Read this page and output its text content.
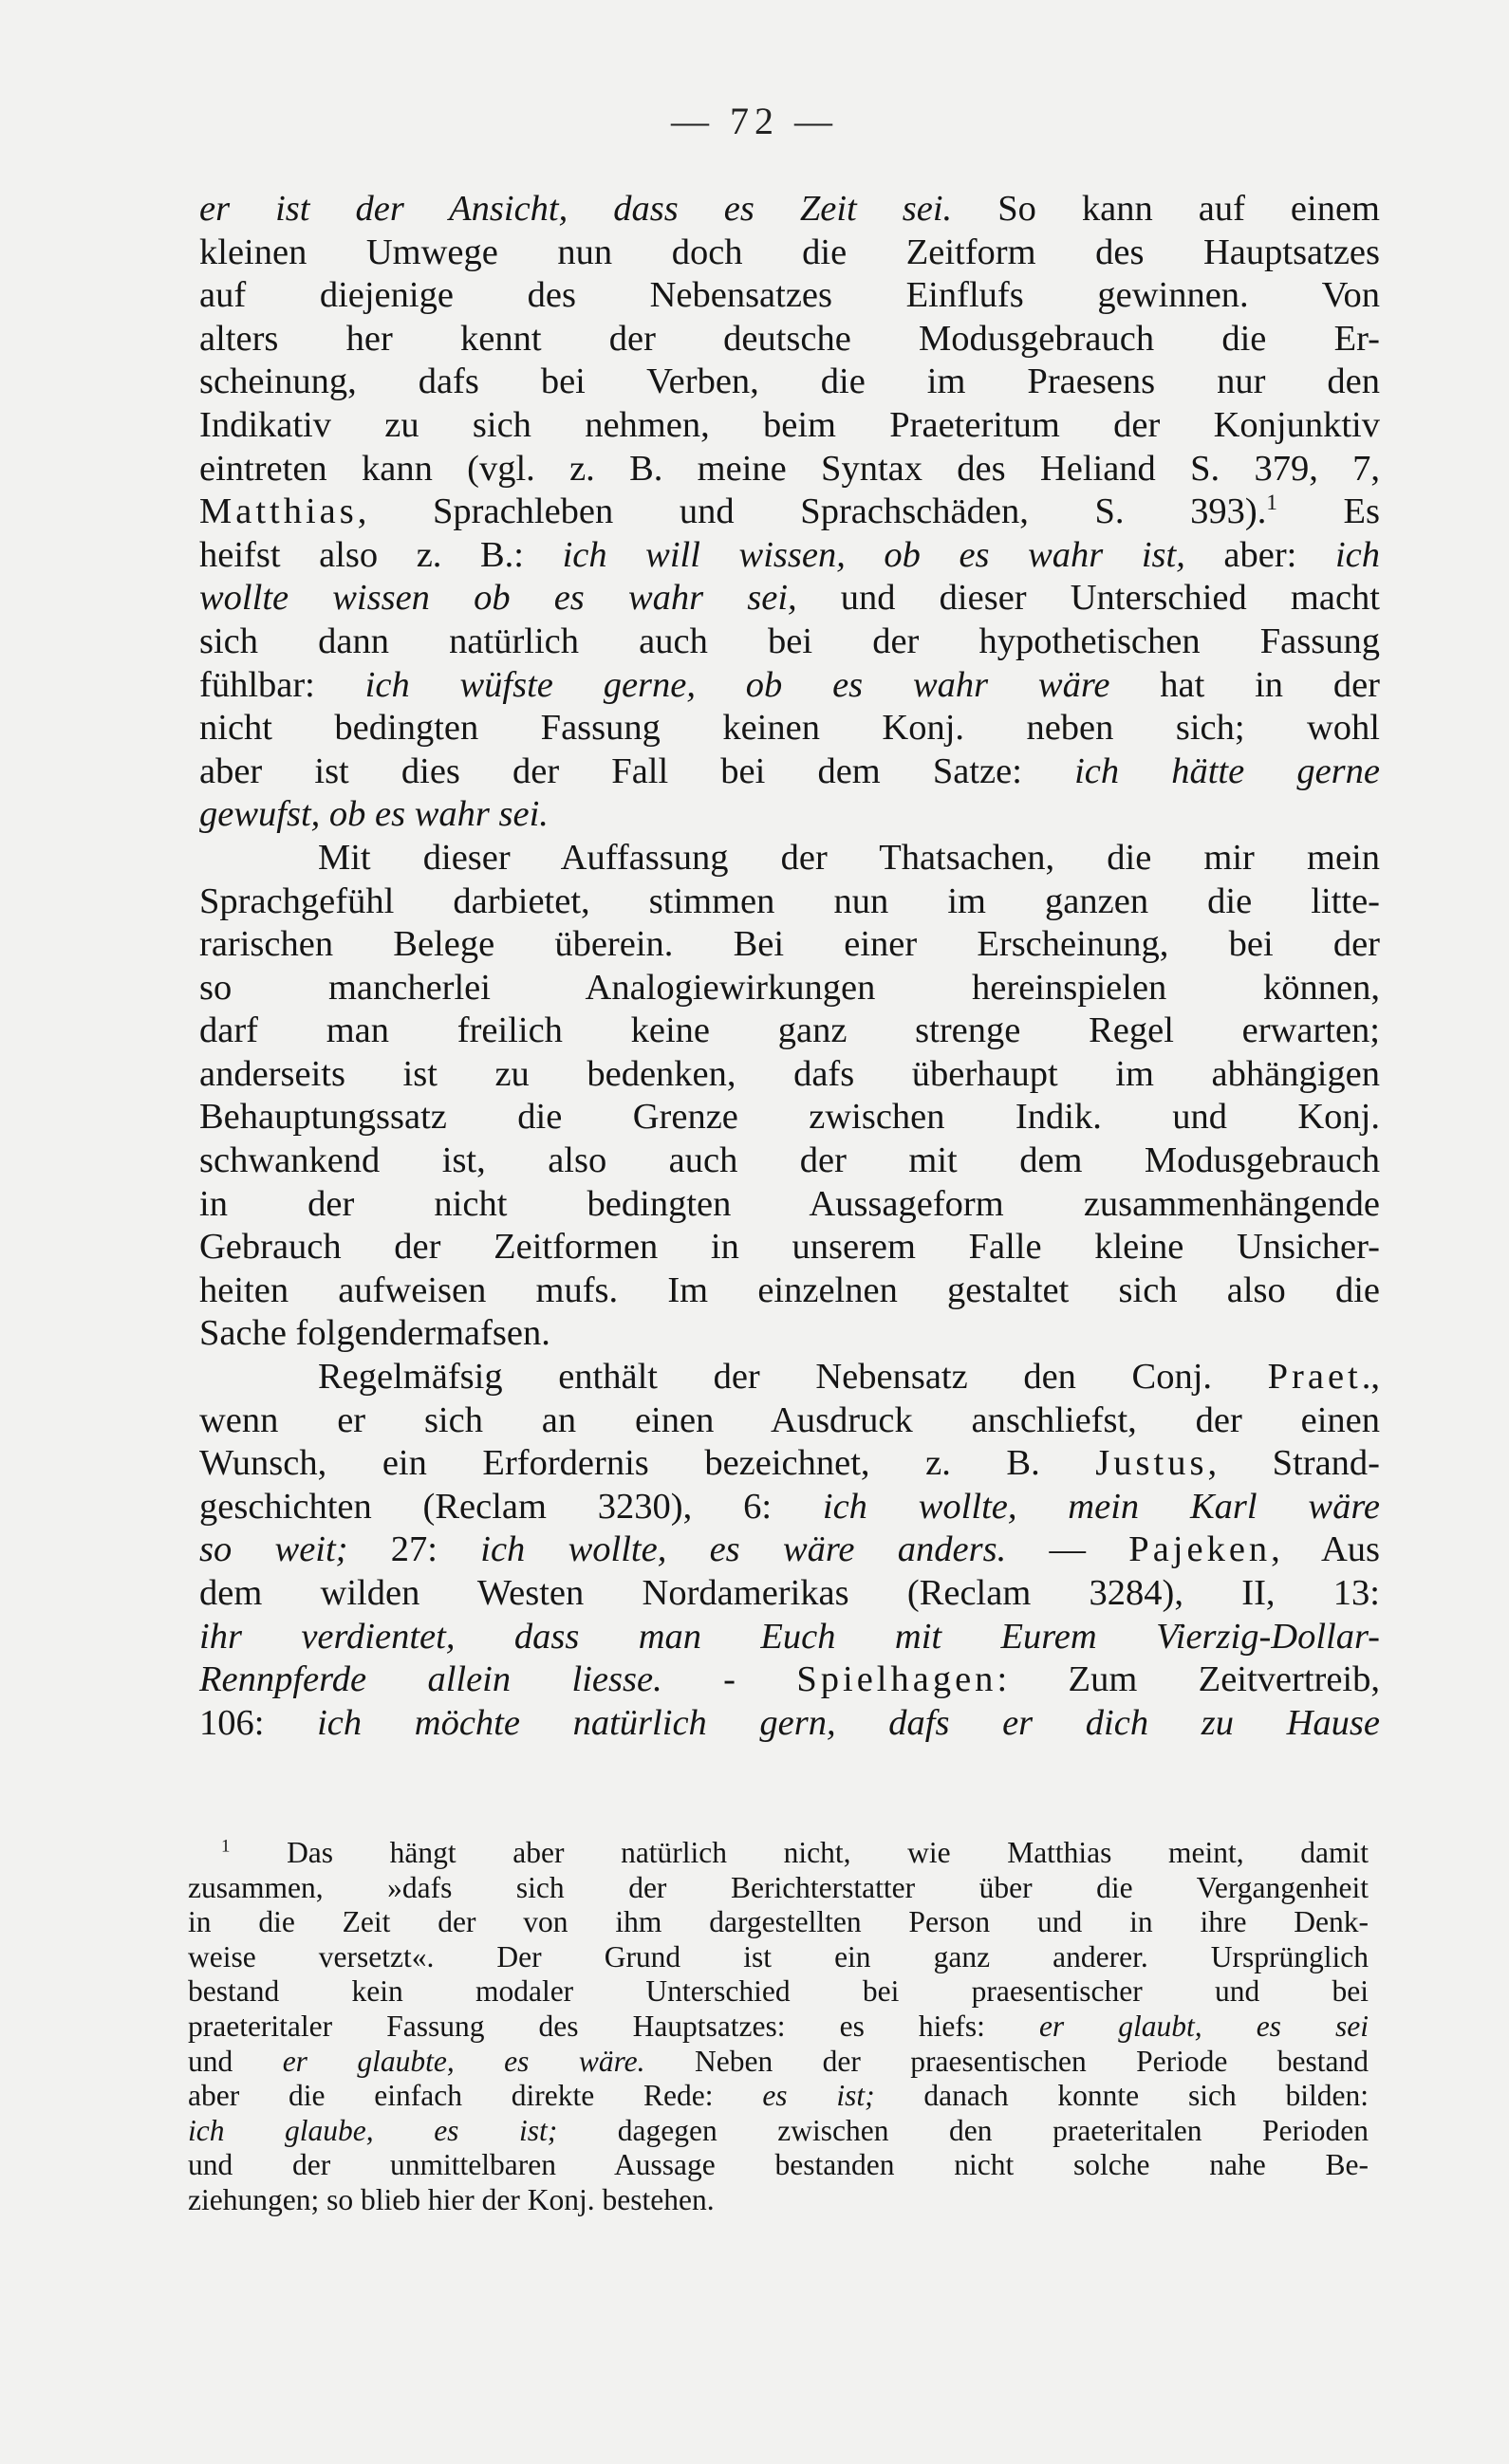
— 72 —
er ist der Ansicht, dass es Zeit sei. So kann auf einem
kleinen Umwege nun doch die Zeitform des Hauptsatzes
auf diejenige des Nebensatzes Einflufs gewinnen. Von
alters her kennt der deutsche Modusgebrauch die Er-
scheinung, dafs bei Verben, die im Praesens nur den
Indikativ zu sich nehmen, beim Praeteritum der Konjunktiv
eintreten kann (vgl. z. B. meine Syntax des Heliand S. 379, 7,
Matthias, Sprachleben und Sprachschäden, S. 393).$^1$ Es
heifst also z. B.: ich will wissen, ob es wahr ist, aber: ich
wollte wissen ob es wahr sei, und dieser Unterschied macht
sich dann natürlich auch bei der hypothetischen Fassung
fühlbar: ich wüfste gerne, ob es wahr wäre hat in der
nicht bedingten Fassung keinen Konj. neben sich; wohl
aber ist dies der Fall bei dem Satze: ich hätte gerne
gewufst, ob es wahr sei.
Mit dieser Auffassung der Thatsachen, die mir mein
Sprachgefühl darbietet, stimmen nun im ganzen die litte-
rarischen Belege überein. Bei einer Erscheinung, bei der
so mancherlei Analogiewirkungen hereinspielen können,
darf man freilich keine ganz strenge Regel erwarten;
anderseits ist zu bedenken, dafs überhaupt im abhängigen
Behauptungssatz die Grenze zwischen Indik. und Konj.
schwankend ist, also auch der mit dem Modusgebrauch
in der nicht bedingten Aussageform zusammenhängende
Gebrauch der Zeitformen in unserem Falle kleine Unsicher-
heiten aufweisen mufs. Im einzelnen gestaltet sich also die
Sache folgendermafsen.
Regelmäfsig enthält der Nebensatz den Conj. Praet.,
wenn er sich an einen Ausdruck anschliefst, der einen
Wunsch, ein Erfordernis bezeichnet, z. B. Justus, Strand-
geschichten (Reclam 3230), 6: ich wollte, mein Karl wäre
so weit; 27: ich wollte, es wäre anders. — Pajeken, Aus
dem wilden Westen Nordamerikas (Reclam 3284), II, 13:
ihr verdientet, dass man Euch mit Eurem Vierzig-Dollar-
Rennpferde allein liesse. - Spielhagen: Zum Zeitvertreib,
106: ich möchte natürlich gern, dafs er dich zu Hause
$^1$ Das hängt aber natürlich nicht, wie Matthias meint, damit
zusammen, »dafs sich der Berichterstatter über die Vergangenheit
in die Zeit der von ihm dargestellten Person und in ihre Denk-
weise versetzt«. Der Grund ist ein ganz anderer. Ursprünglich
bestand kein modaler Unterschied bei praesentischer und bei
praeteritaler Fassung des Hauptsatzes: es hiefs: er glaubt, es sei
und er glaubte, es wäre. Neben der praesentischen Periode bestand
aber die einfach direkte Rede: es ist; danach konnte sich bilden:
ich glaube, es ist; dagegen zwischen den praeteritalen Perioden
und der unmittelbaren Aussage bestanden nicht solche nahe Be-
ziehungen; so blieb hier der Konj. bestehen.
